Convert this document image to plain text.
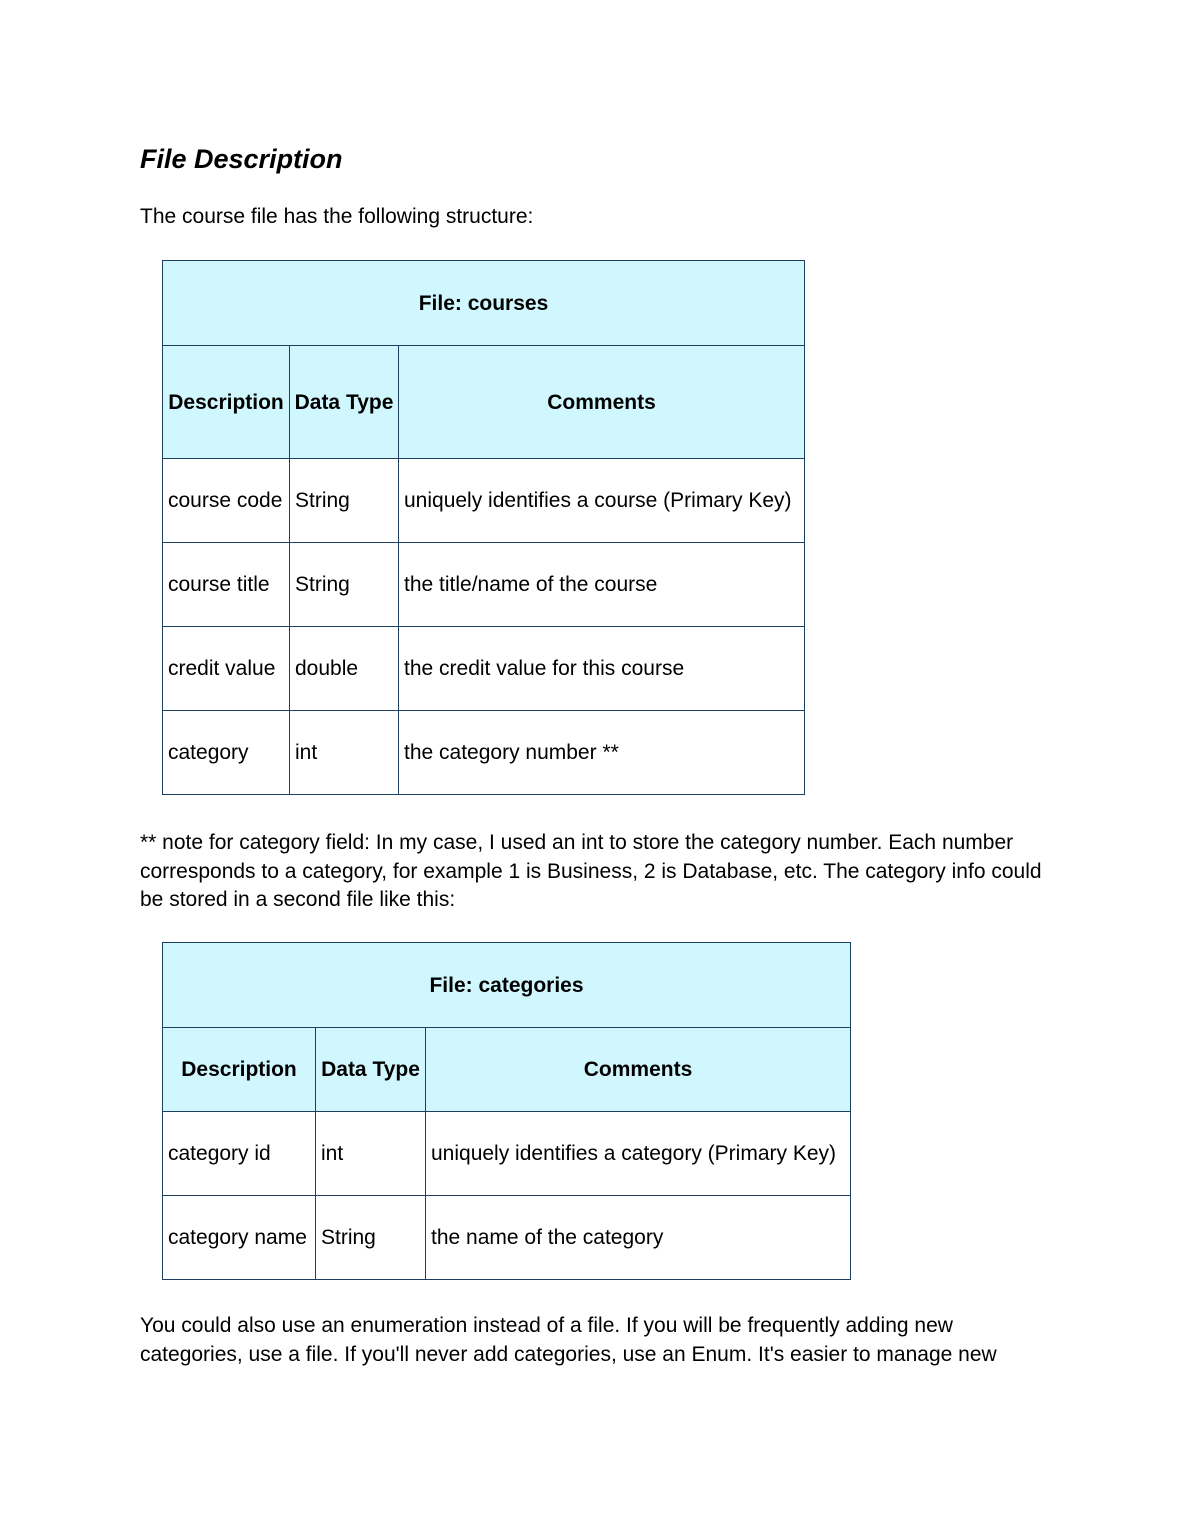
File Description

The course file has the following structure:

File: courses		
Description	Data Type	Comments
course code	String	uniquely identifies a course (Primary Key)
course title	String	the title/name of the course
credit value	double	the credit value for this course
category	int	the category number **

** note for category field: In my case, I used an int to store the category number. Each number corresponds to a category, for example 1 is Business, 2 is Database, etc. The category info could be stored in a second file like this:

File: categories		
Description	Data Type	Comments
category id	int	uniquely identifies a category (Primary Key)
category name	String	the name of the category

You could also use an enumeration instead of a file. If you will be frequently adding new categories, use a file. If you'll never add categories, use an Enum. It's easier to manage new
